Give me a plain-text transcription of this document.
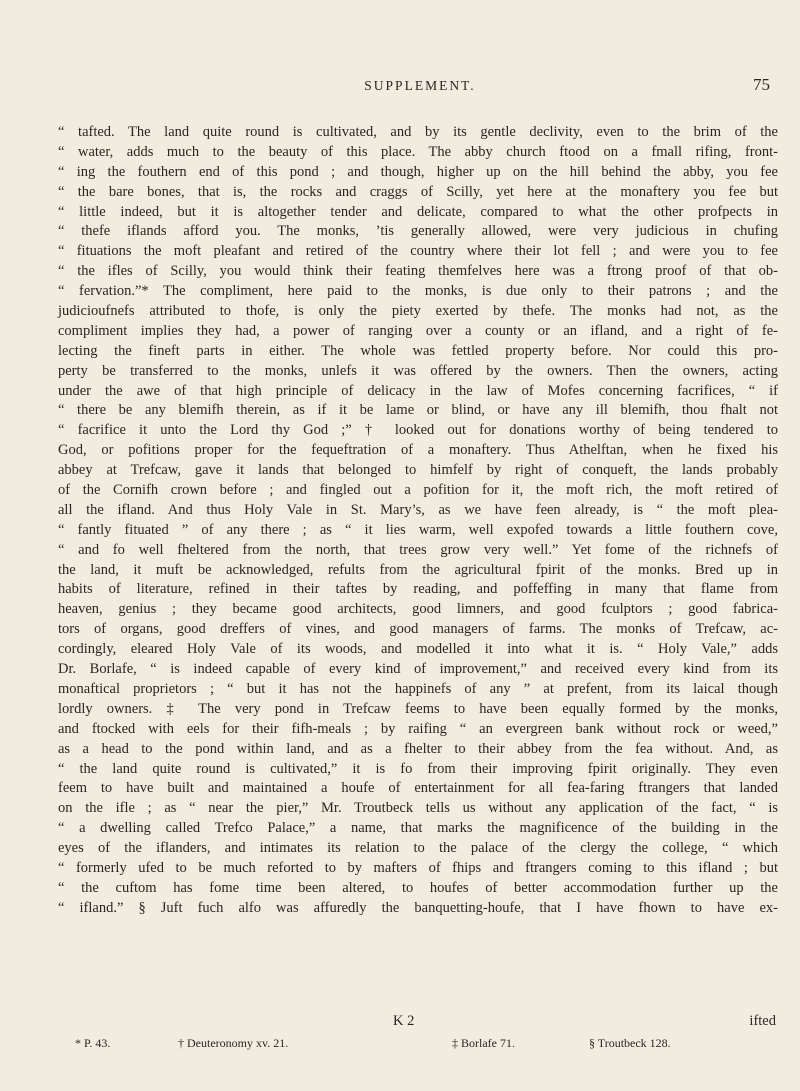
SUPPLEMENT.	75
“ tafted. The land quite round is cultivated, and by its gentle declivity, even to the brim of the
“ water, adds much to the beauty of this place. The abby church ftood on a fmall rifing, front-
“ ing the fouthern end of this pond ; and though, higher up on the hill behind the abby, you fee
“ the bare bones, that is, the rocks and craggs of Scilly, yet here at the monaftery you fee but
“ little indeed, but it is altogether tender and delicate, compared to what the other profpects in
“ thefe iflands afford you. The monks, ’tis generally allowed, were very judicious in chufing
“ fituations the moft pleafant and retired of the country where their lot fell ; and were you to fee
“ the ifles of Scilly, you would think their feating themfelves here was a ftrong proof of that ob-
“ fervation.”* The compliment, here paid to the monks, is due only to their patrons ; and the
judicioufnefs attributed to thofe, is only the piety exerted by thefe. The monks had not, as the
compliment implies they had, a power of ranging over a county or an ifland, and a right of fe-
lecting the fineft parts in either. The whole was fettled property before. Nor could this pro-
perty be transferred to the monks, unlefs it was offered by the owners. Then the owners, acting
under the awe of that high principle of delicacy in the law of Mofes concerning facrifices, “ if
“ there be any blemifh therein, as if it be lame or blind, or have any ill blemifh, thou fhalt not
“ facrifice it unto the Lord thy God ;” † looked out for donations worthy of being tendered to
God, or pofitions proper for the fequeftration of a monaftery. Thus Athelftan, when he fixed his
abbey at Trefcaw, gave it lands that belonged to himfelf by right of conqueft, the lands probably
of the Cornifh crown before ; and fingled out a pofition for it, the moft rich, the moft retired of
all the ifland. And thus Holy Vale in St. Mary’s, as we have feen already, is “ the moft plea-
“ fantly fituated ” of any there ; as “ it lies warm, well expofed towards a little fouthern cove,
“ and fo well fheltered from the north, that trees grow very well.” Yet fome of the richnefs of
the land, it muft be acknowledged, refults from the agricultural fpirit of the monks. Bred up in
habits of literature, refined in their taftes by reading, and poffeffing in many that flame from
heaven, genius ; they became good architects, good limners, and good fculptors ; good fabrica-
tors of organs, good dreffers of vines, and good managers of farms. The monks of Trefcaw, ac-
cordingly, eleared Holy Vale of its woods, and modelled it into what it is. “ Holy Vale,” adds
Dr. Borlafe, “ is indeed capable of every kind of improvement,” and received every kind from its
monaftical proprietors ; “ but it has not the happinefs of any ” at prefent, from its laical though
lordly owners. ‡ The very pond in Trefcaw feems to have been equally formed by the monks,
and ftocked with eels for their fifh-meals ; by raifing “ an evergreen bank without rock or weed,”
as a head to the pond within land, and as a fhelter to their abbey from the fea without. And, as
“ the land quite round is cultivated,” it is fo from their improving fpirit originally. They even
feem to have built and maintained a houfe of entertainment for all fea-faring ftrangers that landed
on the ifle ; as “ near the pier,” Mr. Troutbeck tells us without any application of the fact, “ is
“ a dwelling called Trefco Palace,” a name, that marks the magnificence of the building in the
eyes of the iflanders, and intimates its relation to the palace of the clergy the college, “ which
“ formerly ufed to be much reforted to by mafters of fhips and ftrangers coming to this ifland ; but
“ the cuftom has fome time been altered, to houfes of better accommodation further up the
“ ifland.” § Juft fuch alfo was affuredly the banquetting-houfe, that I have fhown to have ex-
K 2	ifted
* P. 43.	† Deuteronomy xv. 21.	‡ Borlafe 71.	§ Troutbeck 128.
